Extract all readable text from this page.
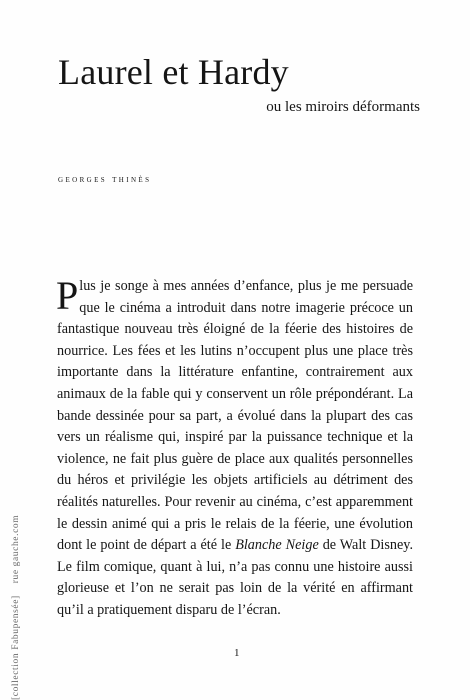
Laurel et Hardy
ou les miroirs déformants
georges thinès

Plus je songe à mes années d’enfance, plus je me persuade que le cinéma a introduit dans notre imagerie précoce un fantastique nouveau très éloigné de la féerie des histoires de nourrice. Les fées et les lutins n’occupent plus une place très importante dans la littérature enfantine, contrairement aux animaux de la fable qui y conservent un rôle prépondérant. La bande dessinée pour sa part, a évolué dans la plupart des cas vers un réalisme qui, inspiré par la puissance technique et la violence, ne fait plus guère de place aux qualités personnelles du héros et privilégie les objets artificiels au détriment des réalités naturelles. Pour revenir au cinéma, c’est apparemment le dessin animé qui a pris le relais de la féerie, une évolution dont le point de départ a été le Blanche Neige de Walt Disney. Le film comique, quant à lui, n’a pas connu une histoire aussi glorieuse et l’on ne serait pas loin de la vérité en affirmant qu’il a pratiquement disparu de l’écran.

1
[collection Fabupensée]    rue gauche.com
